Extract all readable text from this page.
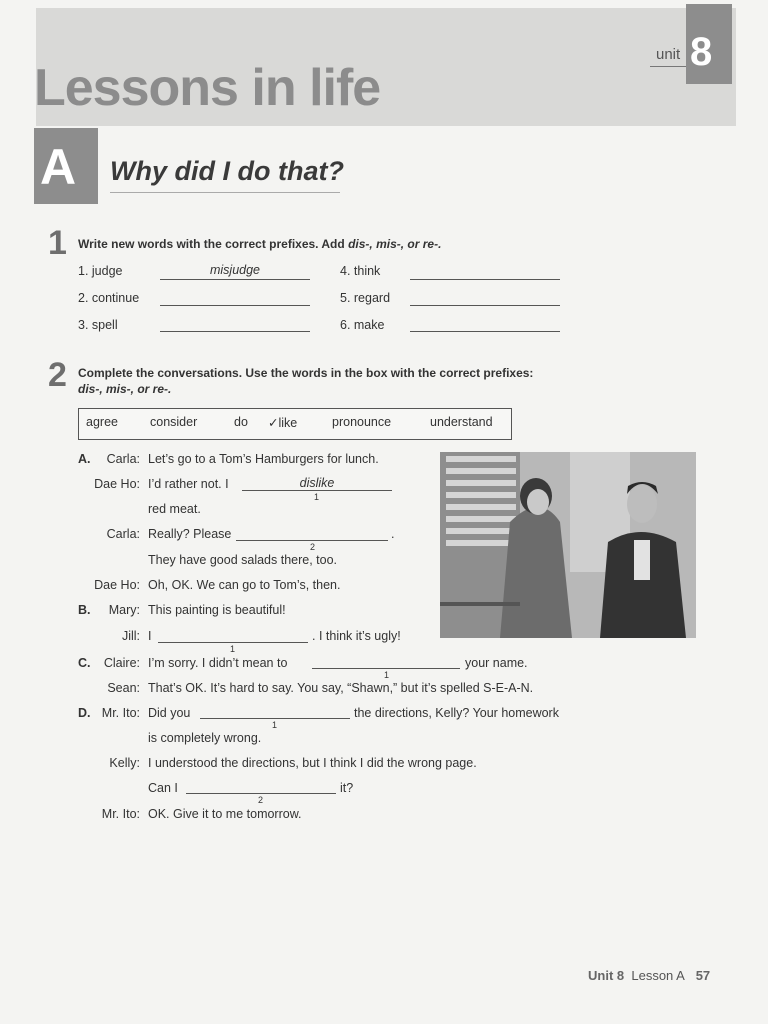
unit 8
Lessons in life
A Why did I do that?
1 Write new words with the correct prefixes. Add dis-, mis-, or re-.
1. judge	misjudge
2. continue
3. spell
4. think
5. regard
6. make
2 Complete the conversations. Use the words in the box with the correct prefixes:
dis-, mis-, or re-.
agree	consider	do ✓like	pronounce	understand
A.	Carla: Let’s go to a Tom’s Hamburgers for lunch.
Dae Ho: I’d rather not. I	dislike
1
red meat.
Carla: Really? Please	.
2
They have good salads there, too.
Dae Ho: Oh, OK. We can go to Tom’s, then.
B.	Mary: This painting is beautiful!
Jill: I
1
. I think it’s ugly!
C.	Claire: I’m sorry. I didn’t mean to
1
your name.
Sean: That’s OK. It’s hard to say. You say, “Shawn,” but it’s spelled S-E-A-N.
D. Mr. Ito: Did you
1
the directions, Kelly? Your homework
is completely wrong.
Kelly: I understood the directions, but I think I did the wrong page.
Can I
2
it?
Mr. Ito: OK. Give it to me tomorrow.
Unit 8 Lesson A 57
